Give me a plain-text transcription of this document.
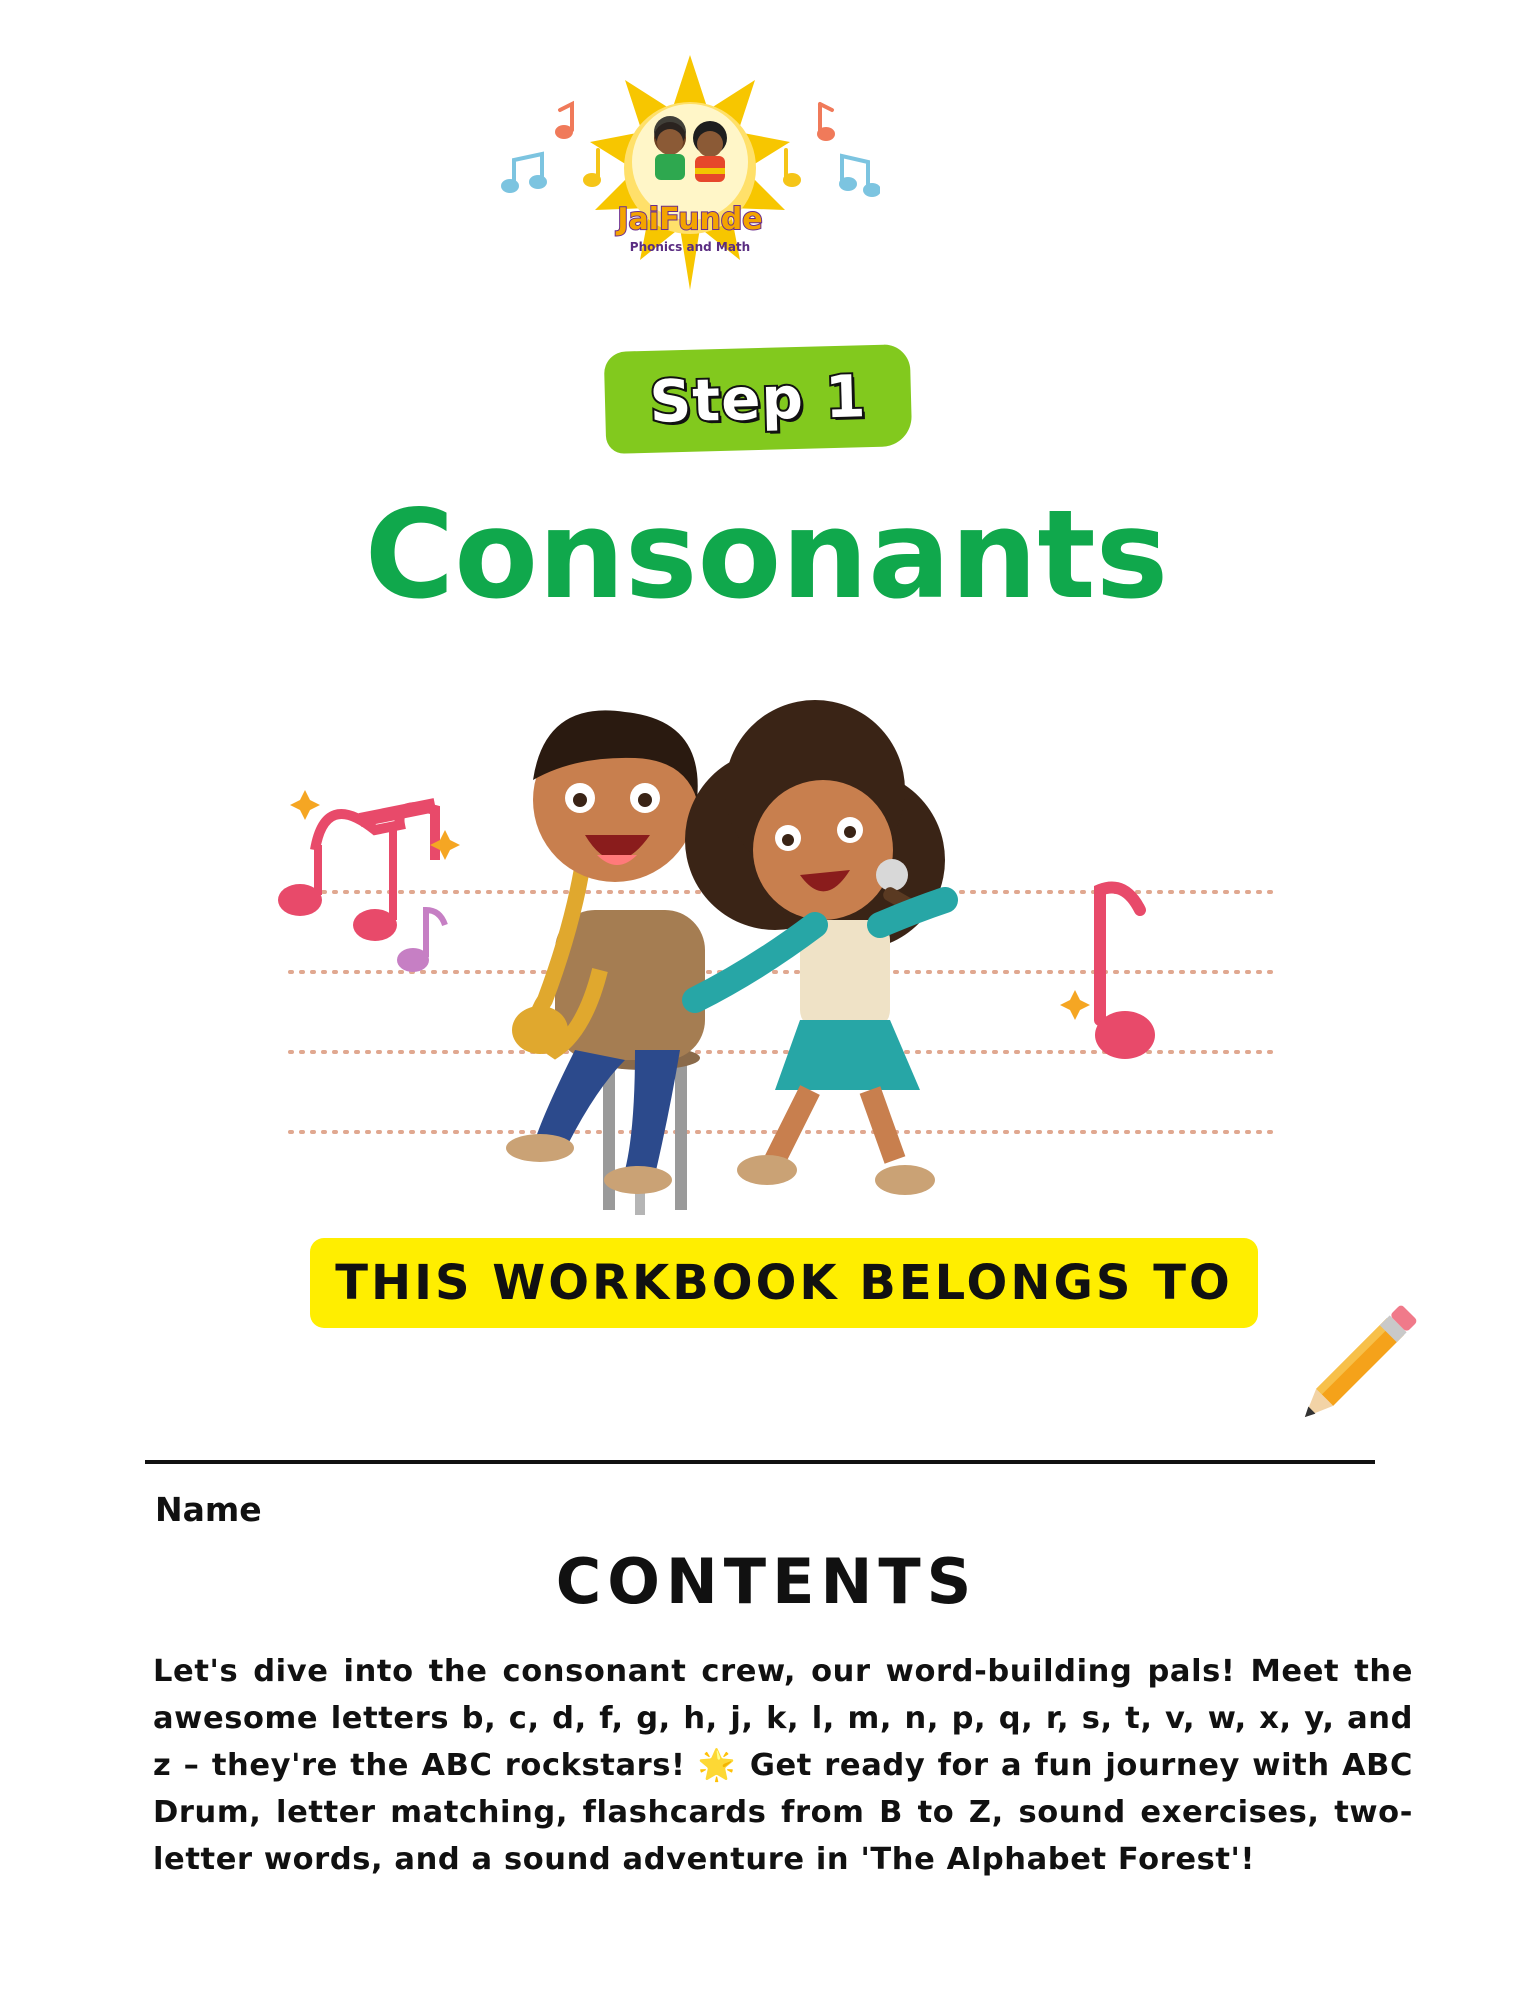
JaiFunde
Phonics and Math
Step 1
Consonants
THIS WORKBOOK BELONGS TO
Name
CONTENTS
Let's dive into the consonant crew, our word-building pals! Meet the awesome letters b, c, d, f, g, h, j, k, l, m, n, p, q, r, s, t, v, w, x, y, and z – they're the ABC rockstars! 🌟 Get ready for a fun journey with ABC Drum, letter matching, flashcards from B to Z, sound exercises, two-letter words, and a sound adventure in 'The Alphabet Forest'!
